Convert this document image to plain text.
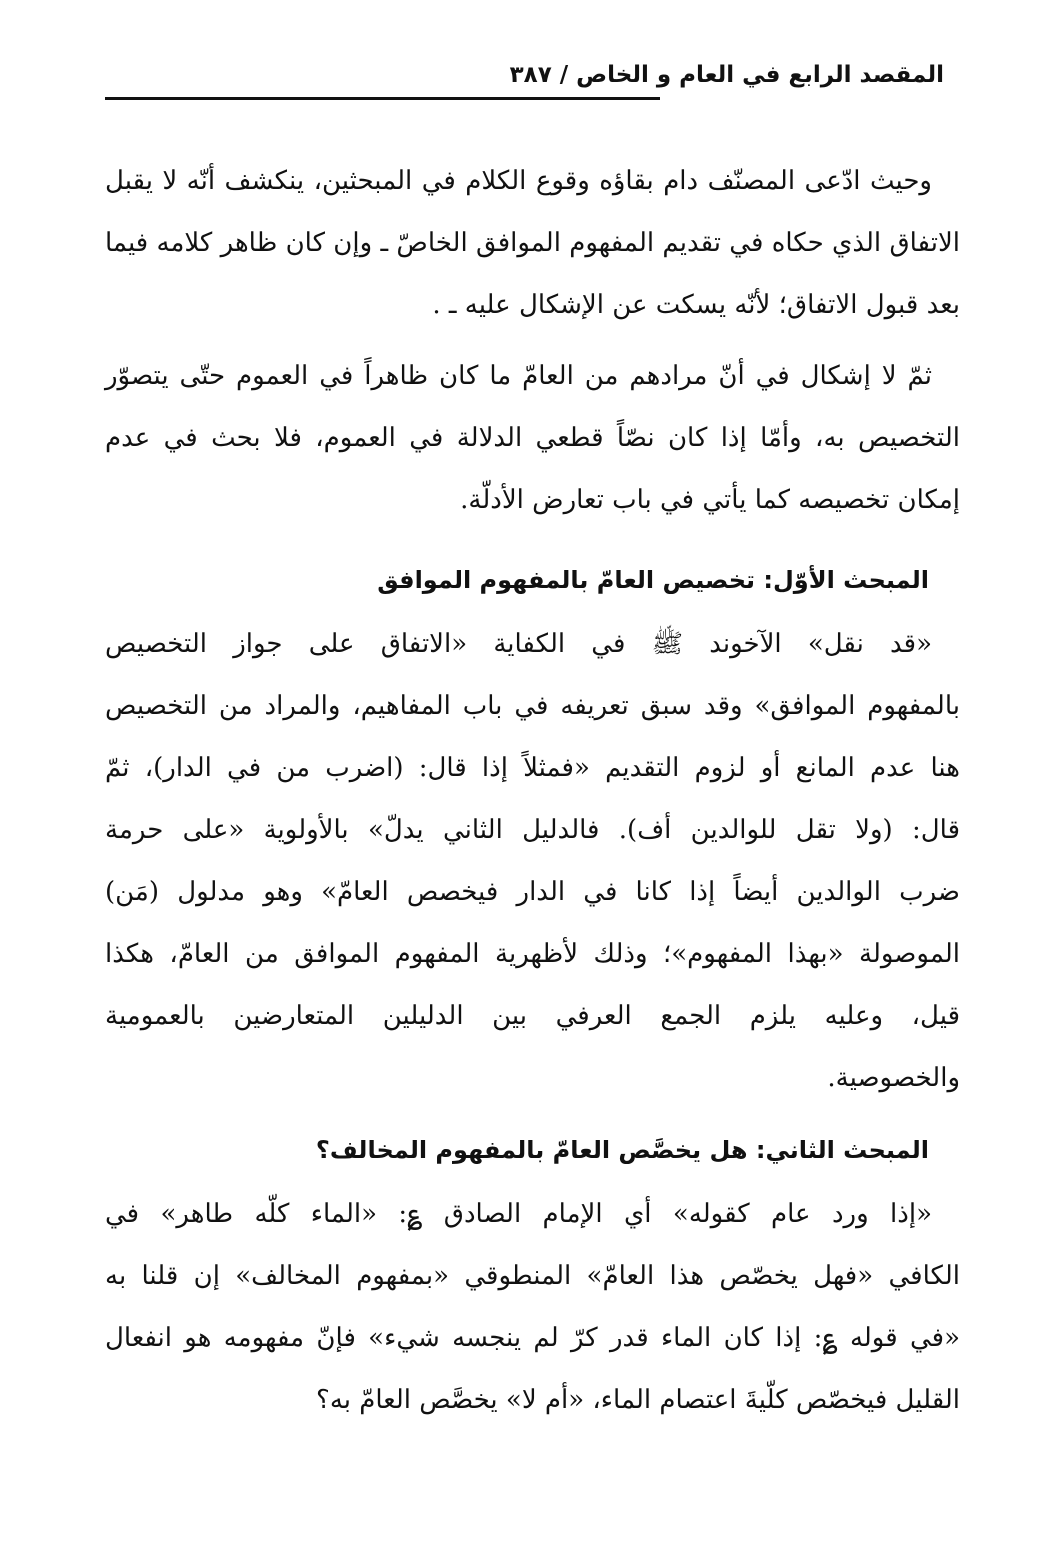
المقصد الرابع في العام و الخاص / ٣٨٧
وحيث ادّعى المصنّف دام بقاؤه وقوع الكلام في المبحثين، ينكشف أنّه لا يقبل الاتفاق الذي حكاه في تقديم المفهوم الموافق الخاصّ ـ وإن كان ظاهر كلامه فيما بعد قبول الاتفاق؛ لأنّه يسكت عن الإشكال عليه ـ .
ثمّ لا إشكال في أنّ مرادهم من العامّ ما كان ظاهراً في العموم حتّى يتصوّر التخصيص به، وأمّا إذا كان نصّاً قطعي الدلالة في العموم، فلا بحث في عدم إمكان تخصيصه كما يأتي في باب تعارض الأدلّة.
المبحث الأوّل: تخصيص العامّ بالمفهوم الموافق
«قد نقل» الآخوند ﷺ في الكفاية «الاتفاق على جواز التخصيص
بالمفهوم الموافق» وقد سبق تعريفه في باب المفاهيم، والمراد من التخصيص
هنا عدم المانع أو لزوم التقديم «فمثلاً إذا قال: (اضرب من في الدار)، ثمّ
قال: (ولا تقل للوالدين أف). فالدليل الثاني يدلّ» بالأولوية «على حرمة
ضرب الوالدين أيضاً إذا كانا في الدار فيخصص العامّ» وهو مدلول (مَن)
الموصولة «بهذا المفهوم»؛ وذلك لأظهرية المفهوم الموافق من العامّ، هكذا
قيل، وعليه يلزم الجمع العرفي بين الدليلين المتعارضين بالعمومية
والخصوصية.
المبحث الثاني: هل يخصَّص العامّ بالمفهوم المخالف؟
«إذا ورد عام كقوله» أي الإمام الصادق ؏: «الماء كلّه طاهر» في
الكافي «فهل يخصّص هذا العامّ» المنطوقي «بمفهوم المخالف» إن قلنا به
«في قوله ؏: إذا كان الماء قدر كرّ لم ينجسه شيء» فإنّ مفهومه هو انفعال
القليل فيخصّص كلّيةَ اعتصام الماء، «أم لا» يخصَّص العامّ به؟
